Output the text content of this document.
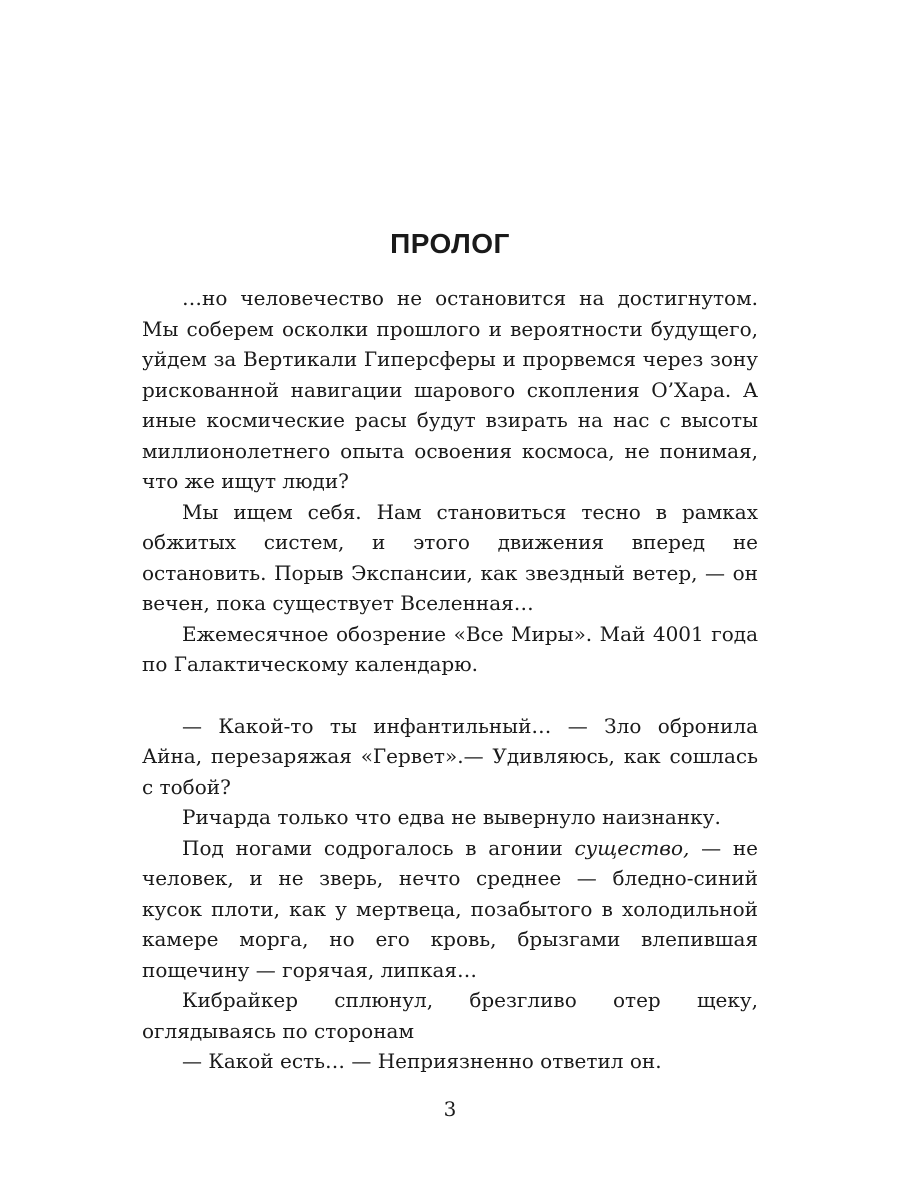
ПРОЛОГ

…но человечество не остановится на достигнутом. Мы соберем осколки прошлого и вероятности будущего, уйдем за Вертикали Гиперсферы и прорвемся через зону рискованной навигации шарового скопления О’Хара. А иные космические расы будут взирать на нас с высоты миллионолетнего опыта освоения космоса, не понимая, что же ищут люди?

Мы ищем себя. Нам становиться тесно в рамках обжитых систем, и этого движения вперед не остановить. Порыв Экспансии, как звездный ветер, — он вечен, пока существует Вселенная…

Ежемесячное обозрение «Все Миры». Май 4001 года по Галактическому календарю.

— Какой-то ты инфантильный… — Зло обронила Айна, перезаряжая «Гервет».— Удивляюсь, как сошлась с тобой?

Ричарда только что едва не вывернуло наизнанку.

Под ногами содрогалось в агонии существо, — не человек, и не зверь, нечто среднее — бледно-синий кусок плоти, как у мертвеца, позабытого в холодильной камере морга, но его кровь, брызгами влепившая пощечину — горячая, липкая…

Кибрайкер сплюнул, брезгливо отер щеку, оглядываясь по сторонам

— Какой есть… — Неприязненно ответил он.

3
